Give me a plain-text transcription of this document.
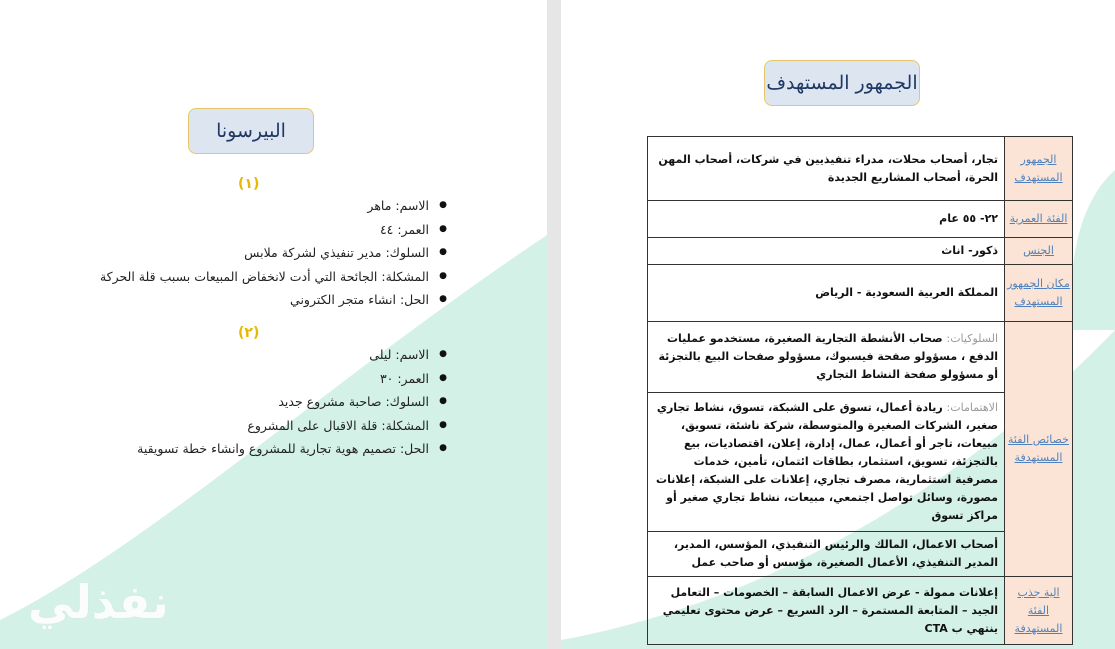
البيرسونا
(١)
● الاسم: ماهر
● العمر: ٤٤
● السلوك: مدير تنفيذي لشركة ملابس
● المشكلة: الجائحة التي أدت لانخفاض المبيعات بسبب قلة الحركة
● الحل: انشاء متجر الكتروني
(٢)
● الاسم: ليلى
● العمر: ٣٠
● السلوك: صاحبة مشروع جديد
● المشكلة: قلة الاقبال على المشروع
● الحل: تصميم هوية تجارية للمشروع وانشاء خطة تسويقية
نفذلي
الجمهور المستهدف
الجمهور المستهدف	تجار، أصحاب محلات، مدراء تنفيذيين في شركات، أصحاب المهن الحرة، أصحاب المشاريع الجديدة
الفئة العمرية	٢٢- ٥٥ عام
الجنس	ذكور- اناث
مكان الجمهور المستهدف	المملكة العربية السعودية - الرياض
خصائص الفئة المستهدفة	السلوكيات: صحاب الأنشطة التجارية الصغيرة، مستخدمو عمليات الدفع ، مسؤولو صفحة فيسبوك، مسؤولو صفحات البيع بالتجزئة أو مسؤولو صفحة النشاط التجاري
	الاهتمامات: ريادة أعمال، تسوق على الشبكة، تسوق، نشاط تجاري صغير، الشركات الصغيرة والمتوسطة، شركة ناشئة، تسويق، مبيعات، تاجر أو أعمال، عمال، إدارة، إعلان، اقتصاديات، بيع بالتجزئة، تسويق، استثمار، بطاقات ائتمان، تأمين، خدمات مصرفية استثمارية، مصرف تجاري، إعلانات على الشبكة، إعلانات مصورة، وسائل تواصل اجتمعي، مبيعات، نشاط تجاري صغير أو مراكز تسوق
	أصحاب الاعمال، المالك والرئيس التنفيذي، المؤسس، المدير، المدير التنفيذي، الأعمال الصغيرة، مؤسس أو صاحب عمل
الية جذب الفئة المستهدفة	إعلانات ممولة - عرض الاعمال السابقة – الخصومات – التعامل الجيد – المتابعة المستمرة – الرد السريع – عرض محتوى تعليمي ينتهي ب CTA
